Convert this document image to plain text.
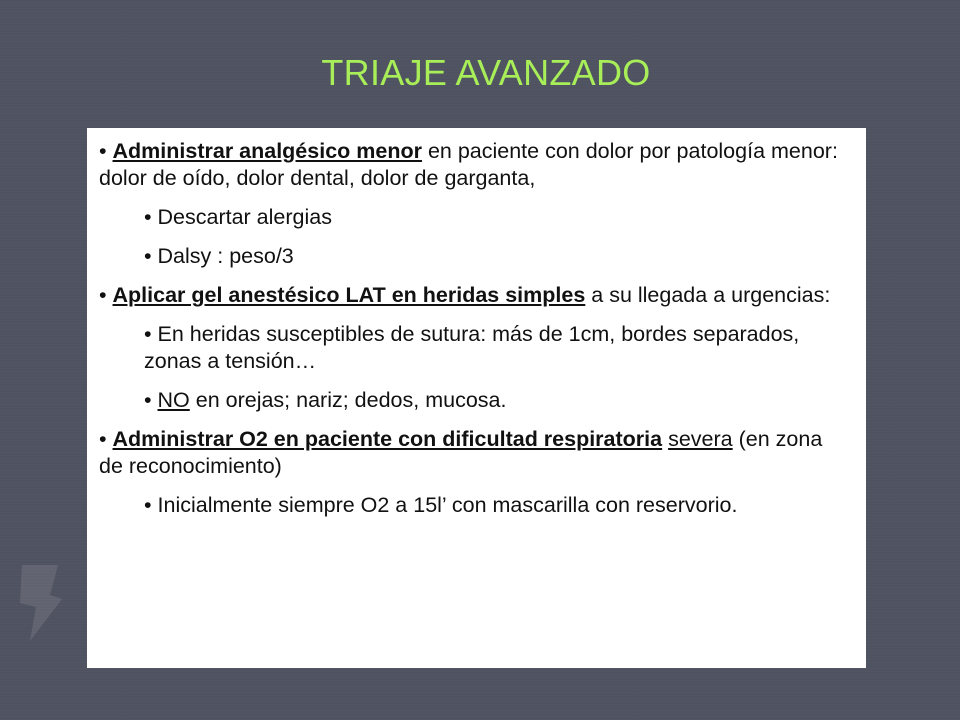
TRIAJE AVANZADO
• Administrar analgésico menor en paciente con dolor por patología menor: dolor de oído, dolor dental, dolor de garganta,
• Descartar alergias
• Dalsy : peso/3
• Aplicar gel anestésico LAT en heridas simples a su llegada a urgencias:
• En heridas susceptibles de sutura: más de 1cm, bordes separados, zonas a tensión…
• NO en orejas; nariz; dedos, mucosa.
• Administrar O2 en paciente con dificultad respiratoria severa (en zona de reconocimiento)
• Inicialmente siempre O2 a 15l’ con mascarilla con reservorio.
